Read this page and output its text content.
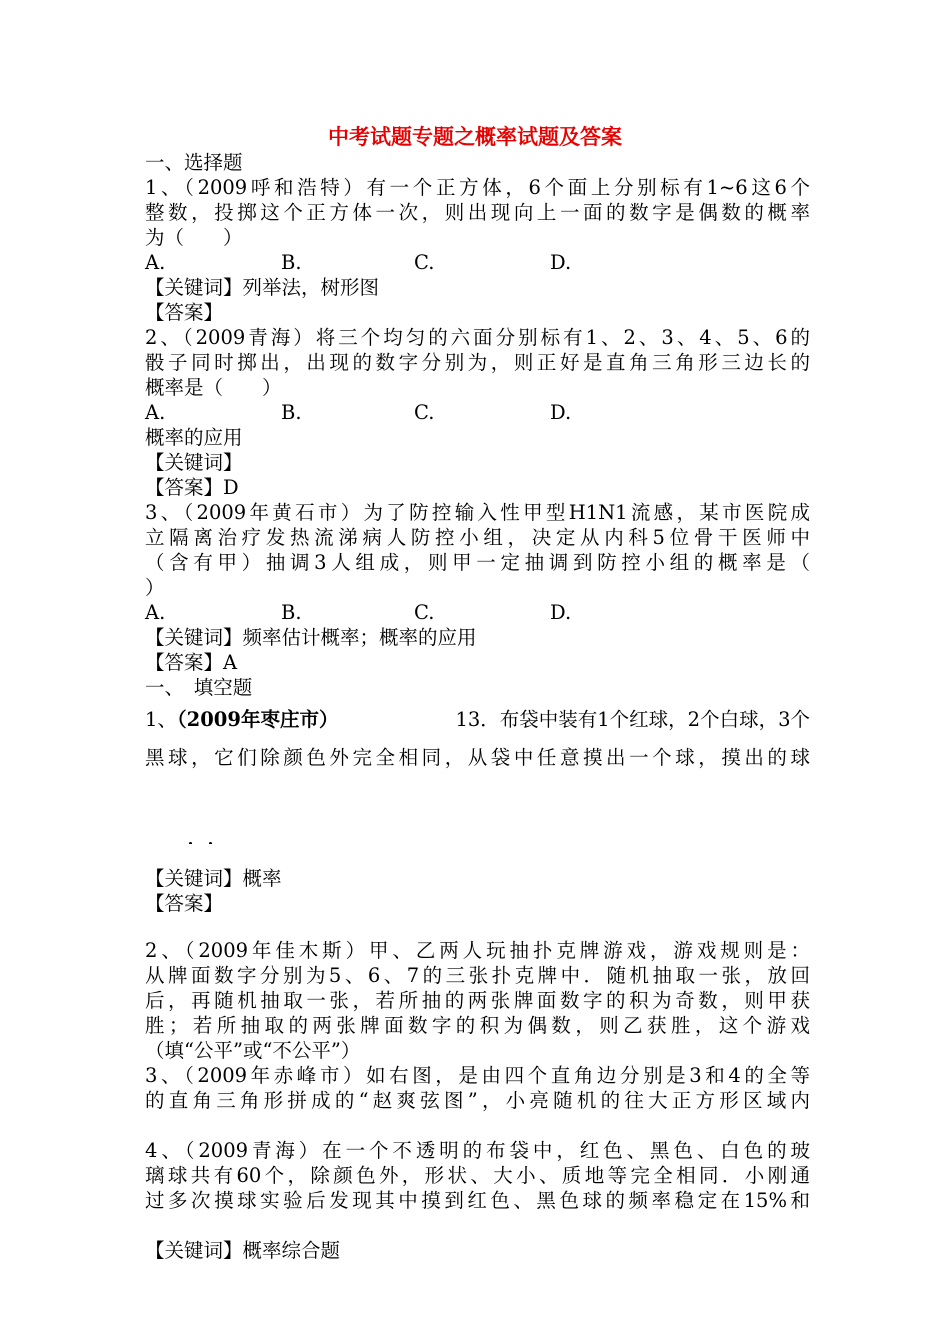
中考试题专题之概率试题及答案
一、选择题
1、（2009呼和浩特）有一个正方体，6个面上分别标有1~6这6个
整数，投掷这个正方体一次，则出现向上一面的数字是偶数的概率
为（　　）
A.	B.	C.	D.
【关键词】列举法，树形图
【答案】
2、（2009青海）将三个均匀的六面分别标有1、2、3、4、5、6的
骰子同时掷出，出现的数字分别为，则正好是直角三角形三边长的
概率是（　　）
A.	B.	C.	D.
概率的应用
【关键词】
【答案】D
3、（2009年黄石市）为了防控输入性甲型H1N1流感，某市医院成
立隔离治疗发热流涕病人防控小组，决定从内科5位骨干医师中
（含有甲）抽调3人组成，则甲一定抽调到防控小组的概率是（
）
A.	B.	C.	D.
【关键词】频率估计概率；概率的应用
【答案】A
一、　填空题
1、（2009年枣庄市）	13．布袋中装有1个红球，2个白球，3个
黑球，它们除颜色外完全相同，从袋中任意摸出一个球，摸出的球

【关键词】概率
【答案】
2、（2009年佳木斯）甲、乙两人玩抽扑克牌游戏，游戏规则是：
从牌面数字分别为5、6、7的三张扑克牌中．随机抽取一张，放回
后，再随机抽取一张，若所抽的两张牌面数字的积为奇数，则甲获
胜；若所抽取的两张牌面数字的积为偶数，则乙获胜，这个游戏
（填“公平”或“不公平”）
3、（2009年赤峰市）如右图，是由四个直角边分别是3和4的全等
的直角三角形拼成的“赵爽弦图”，小亮随机的往大正方形区域内

4、（2009青海）在一个不透明的布袋中，红色、黑色、白色的玻
璃球共有60个，除颜色外，形状、大小、质地等完全相同．小刚通
过多次摸球实验后发现其中摸到红色、黑色球的频率稳定在15%和

【关键词】概率综合题
